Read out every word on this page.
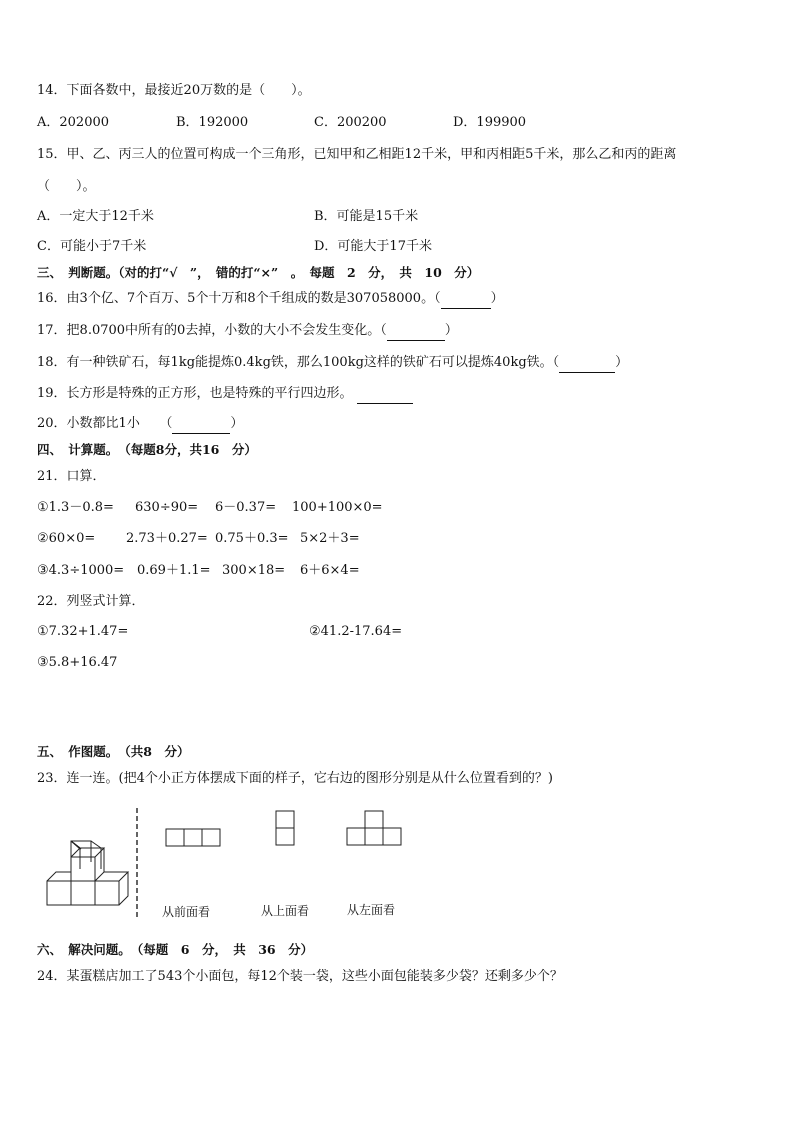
14．下面各数中，最接近20万数的是（　　）。
A．202000	B．192000	C．200200	D．199900
15．甲、乙、丙三人的位置可构成一个三角形，已知甲和乙相距12千米，甲和丙相距5千米，那么乙和丙的距离
（　　）。
A．一定大于12千米	B．可能是15千米
C．可能小于7千米	D．可能大于17千米
三、　判断题。（对的打“√　”，　错的打“×”　。　每题　2　分，　共　10　分）
16．由3个亿、7个百万、5个十万和8个千组成的数是307058000。（	）
17．把8.0700中所有的0去掉，小数的大小不会发生变化。（	）
18．有一种铁矿石，每1kg能提炼0.4kg铁，那么100kg这样的铁矿石可以提炼40kg铁。（	）
19．长方形是特殊的正方形，也是特殊的平行四边形。
20．小数都比1小　　（	）
四、　计算题。　（每题8分，共16　分）
21．口算．
①1.3－0.8= 630÷90= 6－0.37= 100+100×0=
②60×0= 2.73＋0.27= 0.75＋0.3= 5×2＋3=
③4.3÷1000= 0.69＋1.1= 300×18= 6＋6×4=
22．列竖式计算．
①7.32+1.47=	②41.2-17.64=
③5.8+16.47
五、　作图题。　（共8　分）
23．连一连。(把4个小正方体摆成下面的样子，它右边的图形分别是从什么位置看到的？)
从前面看	从上面看	从左面看
六、　解决问题。　（每题　6　分，　共　36　分）
24．某蛋糕店加工了543个小面包，每12个装一袋，这些小面包能装多少袋？还剩多少个？
